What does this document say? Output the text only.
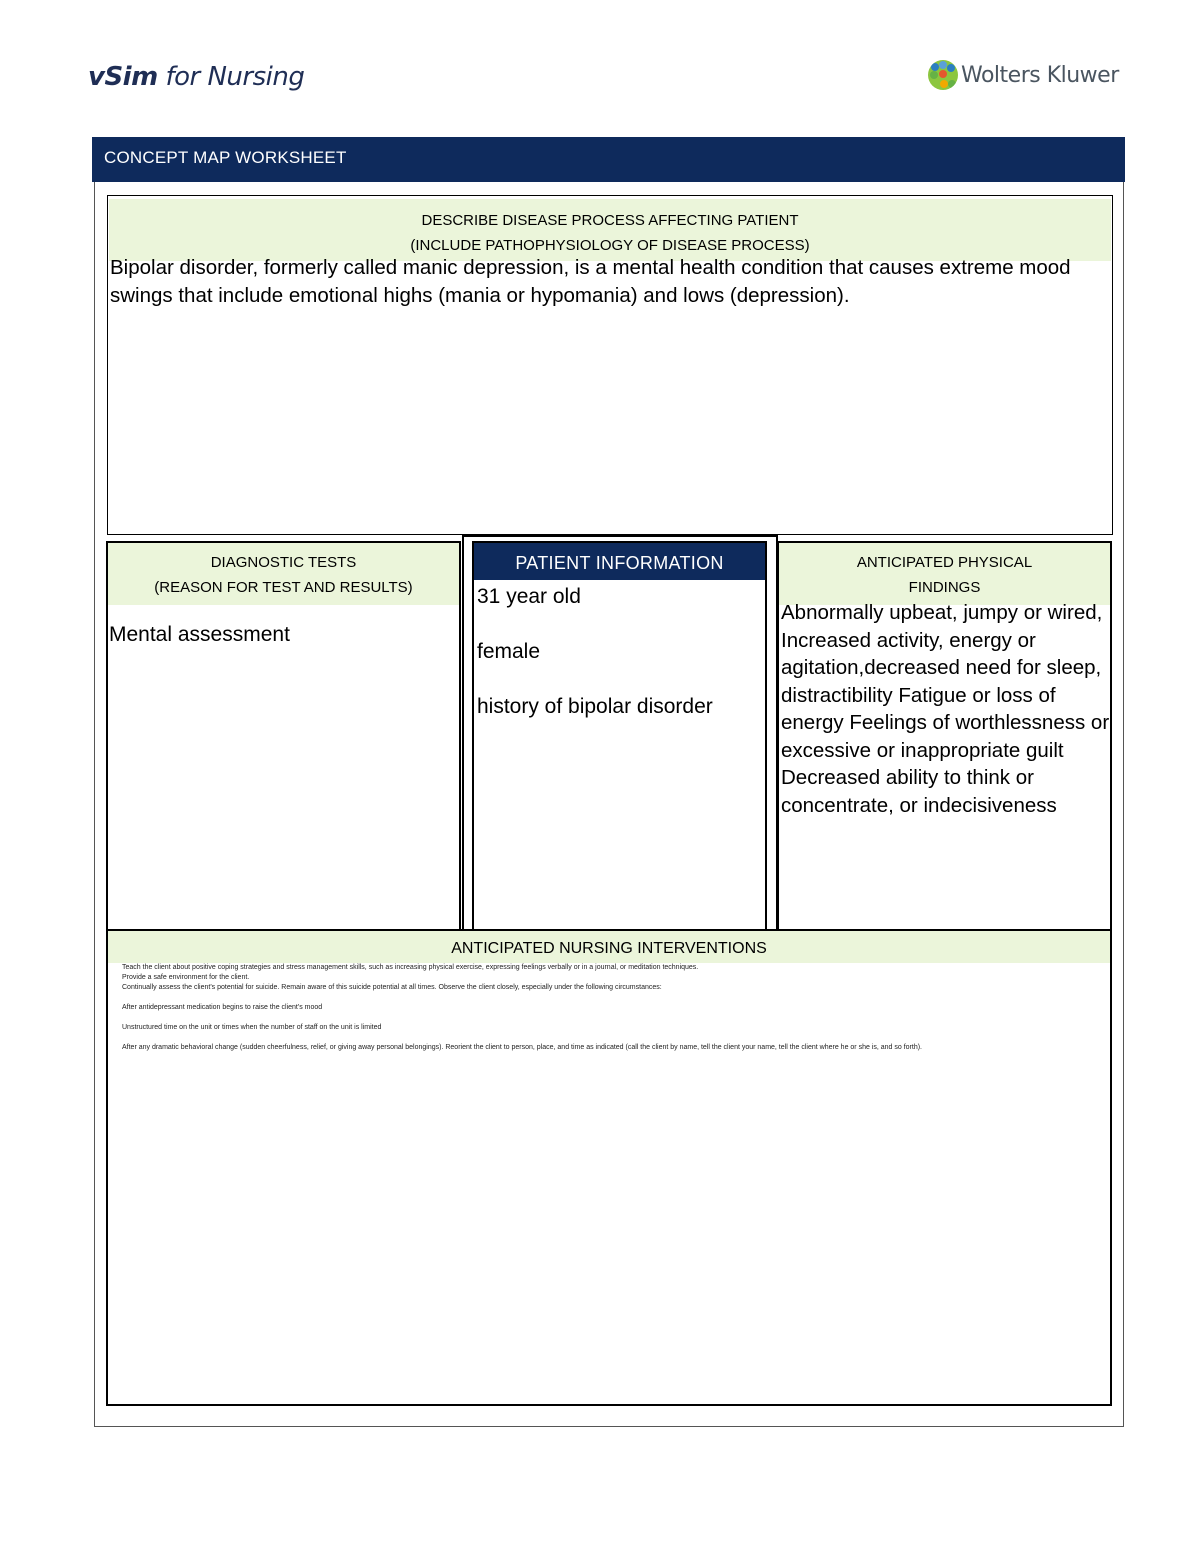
vSim for Nursing	Wolters Kluwer
CONCEPT MAP WORKSHEET
DESCRIBE DISEASE PROCESS AFFECTING PATIENT
(INCLUDE PATHOPHYSIOLOGY OF DISEASE PROCESS)
Bipolar disorder, formerly called manic depression, is a mental health condition that causes extreme mood swings that include emotional highs (mania or hypomania) and lows (depression).
DIAGNOSTIC TESTS
(REASON FOR TEST AND RESULTS)
Mental assessment
PATIENT INFORMATION
31 year old
female
history of bipolar disorder
ANTICIPATED PHYSICAL
FINDINGS
Abnormally upbeat, jumpy or wired, Increased activity, energy or agitation,decreased need for sleep, distractibility Fatigue or loss of energy Feelings of worthlessness or excessive or inappropriate guilt Decreased ability to think or concentrate, or indecisiveness
ANTICIPATED NURSING INTERVENTIONS

Teach the client about positive coping strategies and stress management skills, such as increasing physical exercise, expressing feelings verbally or in a journal, or meditation techniques.

Provide a safe environment for the client.

Continually assess the client's potential for suicide. Remain aware of this suicide potential at all times. Observe the client closely, especially under the following circumstances:

After antidepressant medication begins to raise the client's mood

Unstructured time on the unit or times when the number of staff on the unit is limited

After any dramatic behavioral change (sudden cheerfulness, relief, or giving away personal belongings). Reorient the client to person, place, and time as indicated (call the client by name, tell the client your name, tell the client where he or she is, and so forth).
